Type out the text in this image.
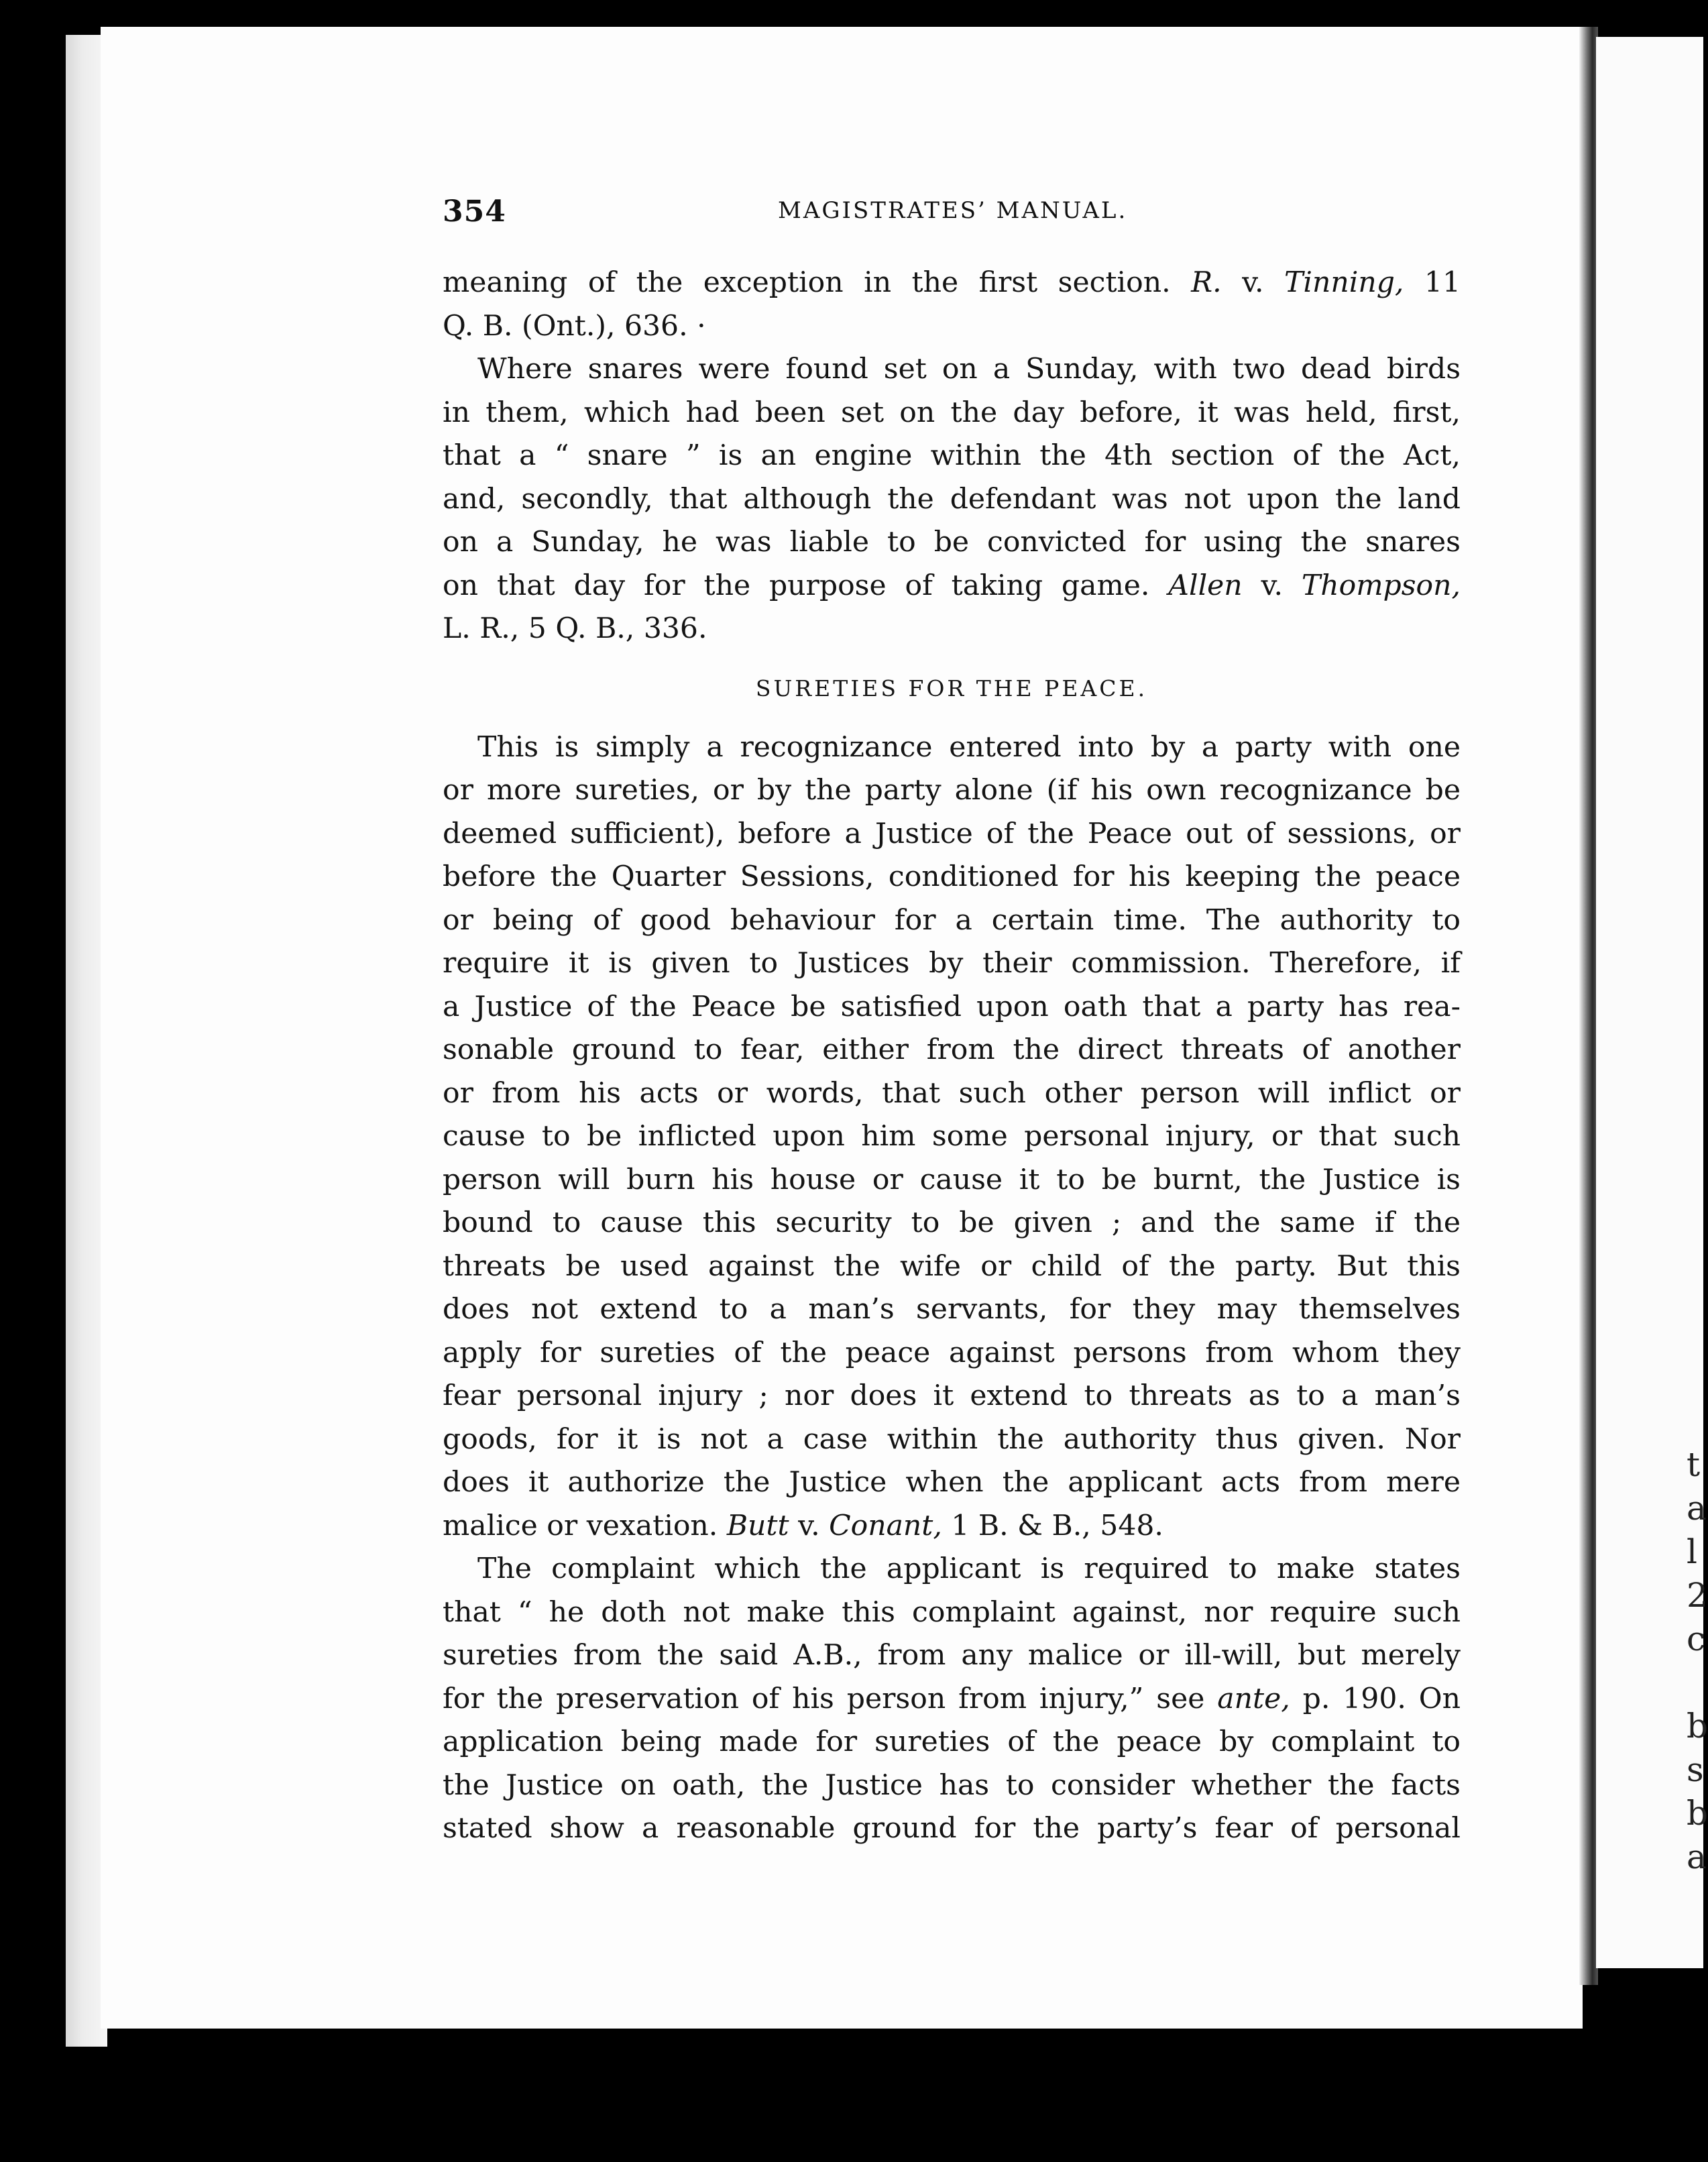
t
a
l
2
c
b
s
b
a
354	MAGISTRATES’ MANUAL.
meaning of the exception in the first section. R. v. Tinning, 11
Q. B. (Ont.), 636. ·
Where snares were found set on a Sunday, with two dead birds
in them, which had been set on the day before, it was held, first,
that a “ snare ” is an engine within the 4th section of the Act,
and, secondly, that although the defendant was not upon the land
on a Sunday, he was liable to be convicted for using the snares
on that day for the purpose of taking game. Allen v. Thompson,
L. R., 5 Q. B., 336.
SURETIES FOR THE PEACE.
This is simply a recognizance entered into by a party with one
or more sureties, or by the party alone (if his own recognizance be
deemed sufficient), before a Justice of the Peace out of sessions, or
before the Quarter Sessions, conditioned for his keeping the peace
or being of good behaviour for a certain time. The authority to
require it is given to Justices by their commission. Therefore, if
a Justice of the Peace be satisfied upon oath that a party has rea-
sonable ground to fear, either from the direct threats of another
or from his acts or words, that such other person will inflict or
cause to be inflicted upon him some personal injury, or that such
person will burn his house or cause it to be burnt, the Justice is
bound to cause this security to be given ; and the same if the
threats be used against the wife or child of the party. But this
does not extend to a man’s servants, for they may themselves
apply for sureties of the peace against persons from whom they
fear personal injury ; nor does it extend to threats as to a man’s
goods, for it is not a case within the authority thus given. Nor
does it authorize the Justice when the applicant acts from mere
malice or vexation. Butt v. Conant, 1 B. & B., 548.
The complaint which the applicant is required to make states
that “ he doth not make this complaint against, nor require such
sureties from the said A.B., from any malice or ill-will, but merely
for the preservation of his person from injury,” see ante, p. 190. On
application being made for sureties of the peace by complaint to
the Justice on oath, the Justice has to consider whether the facts
stated show a reasonable ground for the party’s fear of personal
